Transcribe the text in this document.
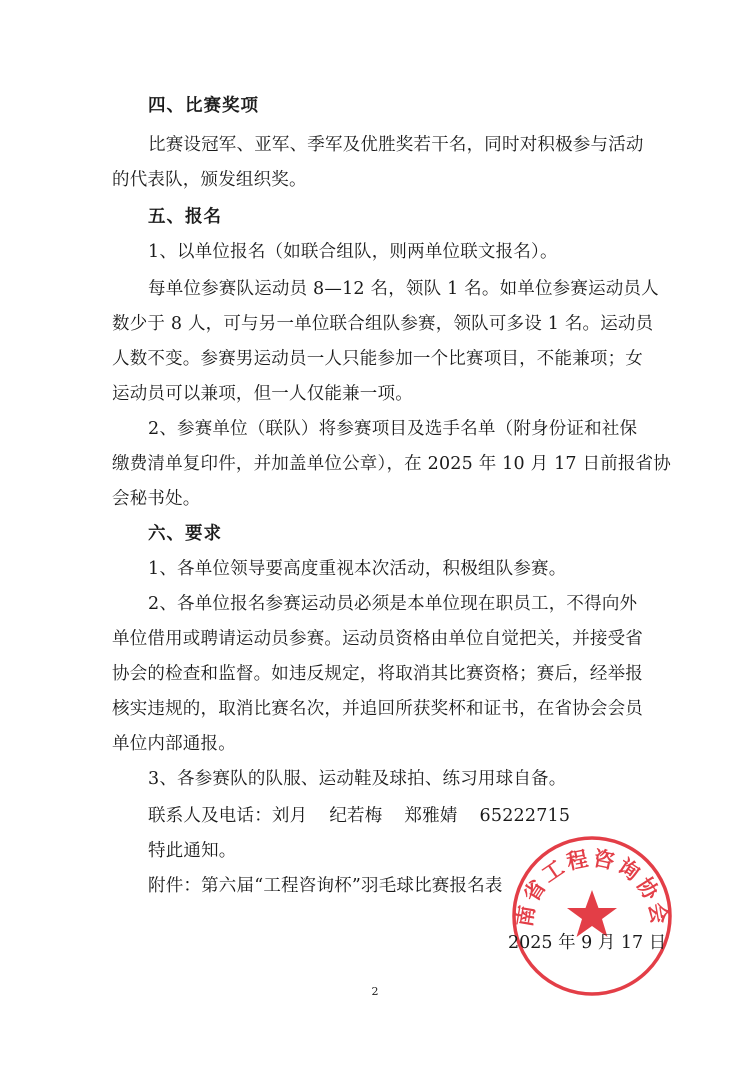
四、比赛奖项
比赛设冠军、亚军、季军及优胜奖若干名，同时对积极参与活动
的代表队，颁发组织奖。
五、报名
1、以单位报名（如联合组队，则两单位联文报名）。
每单位参赛队运动员 8—12 名，领队 1 名。如单位参赛运动员人
数少于 8 人，可与另一单位联合组队参赛，领队可多设 1 名。运动员
人数不变。参赛男运动员一人只能参加一个比赛项目，不能兼项；女
运动员可以兼项，但一人仅能兼一项。
2、参赛单位（联队）将参赛项目及选手名单（附身份证和社保
缴费清单复印件，并加盖单位公章），在 2025 年 10 月 17 日前报省协
会秘书处。
六、要求
1、各单位领导要高度重视本次活动，积极组队参赛。
2、各单位报名参赛运动员必须是本单位现在职员工，不得向外
单位借用或聘请运动员参赛。运动员资格由单位自觉把关，并接受省
协会的检查和监督。如违反规定，将取消其比赛资格；赛后，经举报
核实违规的，取消比赛名次，并追回所获奖杯和证书，在省协会会员
单位内部通报。
3、各参赛队的队服、运动鞋及球拍、练习用球自备。
联系人及电话：刘月 纪若梅 郑雅婧 65222715
特此通知。
附件：第六届“工程咨询杯”羽毛球比赛报名表
南省工程咨询协会
2025 年 9 月 17 日
2
